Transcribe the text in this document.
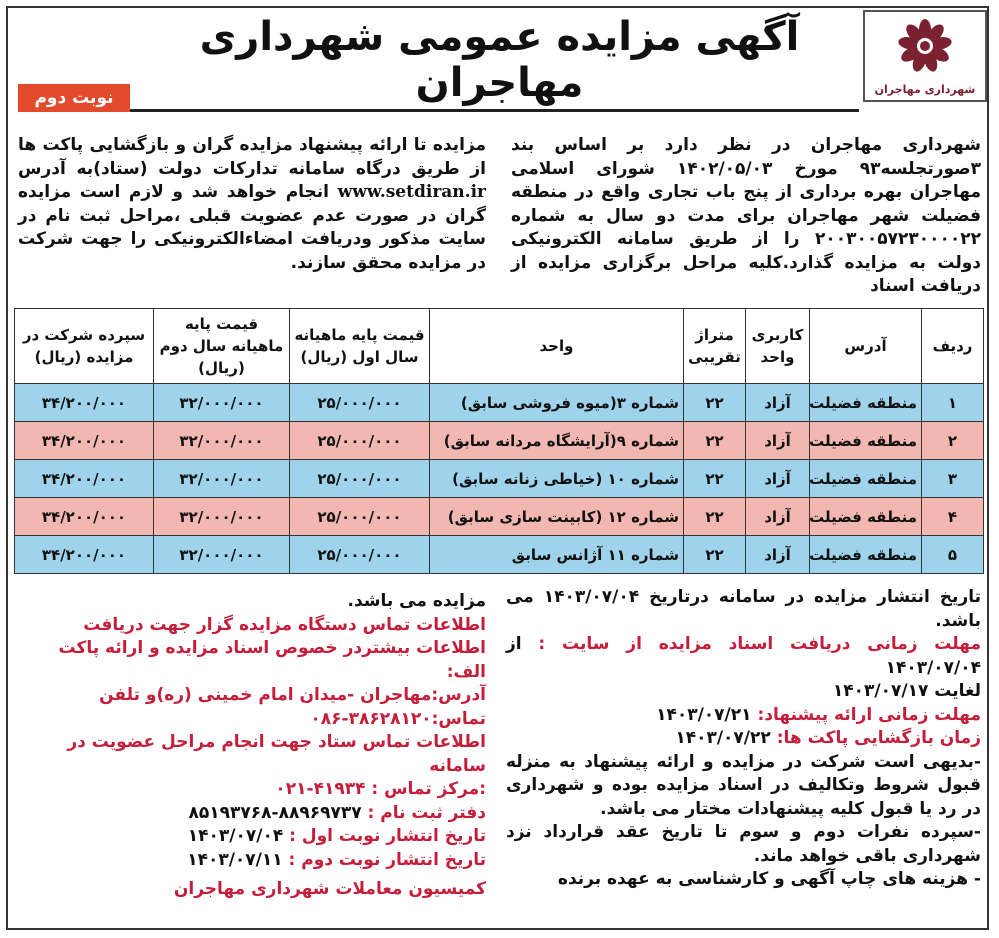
شهرداری مهاجران
آگهی مزایده عمومی شهرداری مهاجران
نوبت دوم

شهرداری مهاجران در نظر دارد بر اساس بند ۳صورتجلسه۹۳ مورخ ۱۴۰۲/۰۵/۰۳ شورای اسلامی مهاجران بهره برداری از پنج باب تجاری واقع در منطقه فضیلت شهر مهاجران برای مدت دو سال به شماره ۲۰۰۳۰۰۵۷۲۳۰۰۰۰۲۲ را از طریق سامانه الکترونیکی دولت به مزایده گذارد.کلیه مراحل برگزاری مزایده از دریافت اسناد

مزایده تا ارائه پیشنهاد مزایده گران و بازگشایی پاکت ها از طریق درگاه سامانه تدارکات دولت (ستاد)به آدرس www.setdiran.ir انجام خواهد شد و لازم است مزایده گران در صورت عدم عضویت قبلی ،مراحل ثبت نام در سایت مذکور ودریافت امضاءالکترونیکی را جهت شرکت در مزایده محقق سازند.

ردیف	آدرس	کاربری واحد	متراژ تقریبی	واحد	قیمت پایه ماهیانه سال اول (ریال)	قیمت پایه ماهیانه سال دوم (ریال)	سپرده شرکت در مزایده (ریال)
۱	منطقه فضیلت	آزاد	۲۲	شماره ۳(میوه فروشی سابق)	۲۵/۰۰۰/۰۰۰	۳۲/۰۰۰/۰۰۰	۳۴/۲۰۰/۰۰۰
۲	منطقه فضیلت	آزاد	۲۲	شماره ۹(آرایشگاه مردانه سابق)	۲۵/۰۰۰/۰۰۰	۳۲/۰۰۰/۰۰۰	۳۴/۲۰۰/۰۰۰
۳	منطقه فضیلت	آزاد	۲۲	شماره ۱۰ (خیاطی زنانه سابق)	۲۵/۰۰۰/۰۰۰	۳۲/۰۰۰/۰۰۰	۳۴/۲۰۰/۰۰۰
۴	منطقه فضیلت	آزاد	۲۲	شماره ۱۲ (کابینت سازی سابق)	۲۵/۰۰۰/۰۰۰	۳۲/۰۰۰/۰۰۰	۳۴/۲۰۰/۰۰۰
۵	منطقه فضیلت	آزاد	۲۲	شماره ۱۱ آژانس سابق	۲۵/۰۰۰/۰۰۰	۳۲/۰۰۰/۰۰۰	۳۴/۲۰۰/۰۰۰

تاریخ انتشار مزایده در سامانه درتاریخ ۱۴۰۳/۰۷/۰۴ می باشد.

مهلت زمانی دریافت اسناد مزایده از سایت : از ۱۴۰۳/۰۷/۰۴

لغایت ۱۴۰۳/۰۷/۱۷

مهلت زمانی ارائه پیشنهاد: ۱۴۰۳/۰۷/۲۱

زمان بازگشایی پاکت ها: ۱۴۰۳/۰۷/۲۲

-بدیهی است شرکت در مزایده و ارائه پیشنهاد به منزله قبول شروط وتکالیف در اسناد مزایده بوده و شهرداری در رد یا قبول کلیه پیشنهادات مختار می باشد.

-سپرده نفرات دوم و سوم تا تاریخ عقد قرارداد نزد شهرداری باقی خواهد ماند.

- هزینه های چاپ آگهی و کارشناسی به عهده برنده

مزایده می باشد.

اطلاعات تماس دستگاه مزایده گزار جهت دریافت اطلاعات بیشتردر خصوص اسناد مزایده و ارائه پاکت الف:

آدرس:مهاجران -میدان امام خمینی (ره)و تلفن تماس:۳۸۶۲۸۱۲۰-۰۸۶

اطلاعات تماس ستاد جهت انجام مراحل عضویت در سامانه

:مرکز تماس : ۴۱۹۳۴-۰۲۱

دفتر ثبت نام : ۸۸۹۶۹۷۳۷-۸۵۱۹۳۷۶۸

تاریخ انتشار نوبت اول : ۱۴۰۳/۰۷/۰۴

تاریخ انتشار نوبت دوم : ۱۴۰۳/۰۷/۱۱

کمیسیون معاملات شهرداری مهاجران
